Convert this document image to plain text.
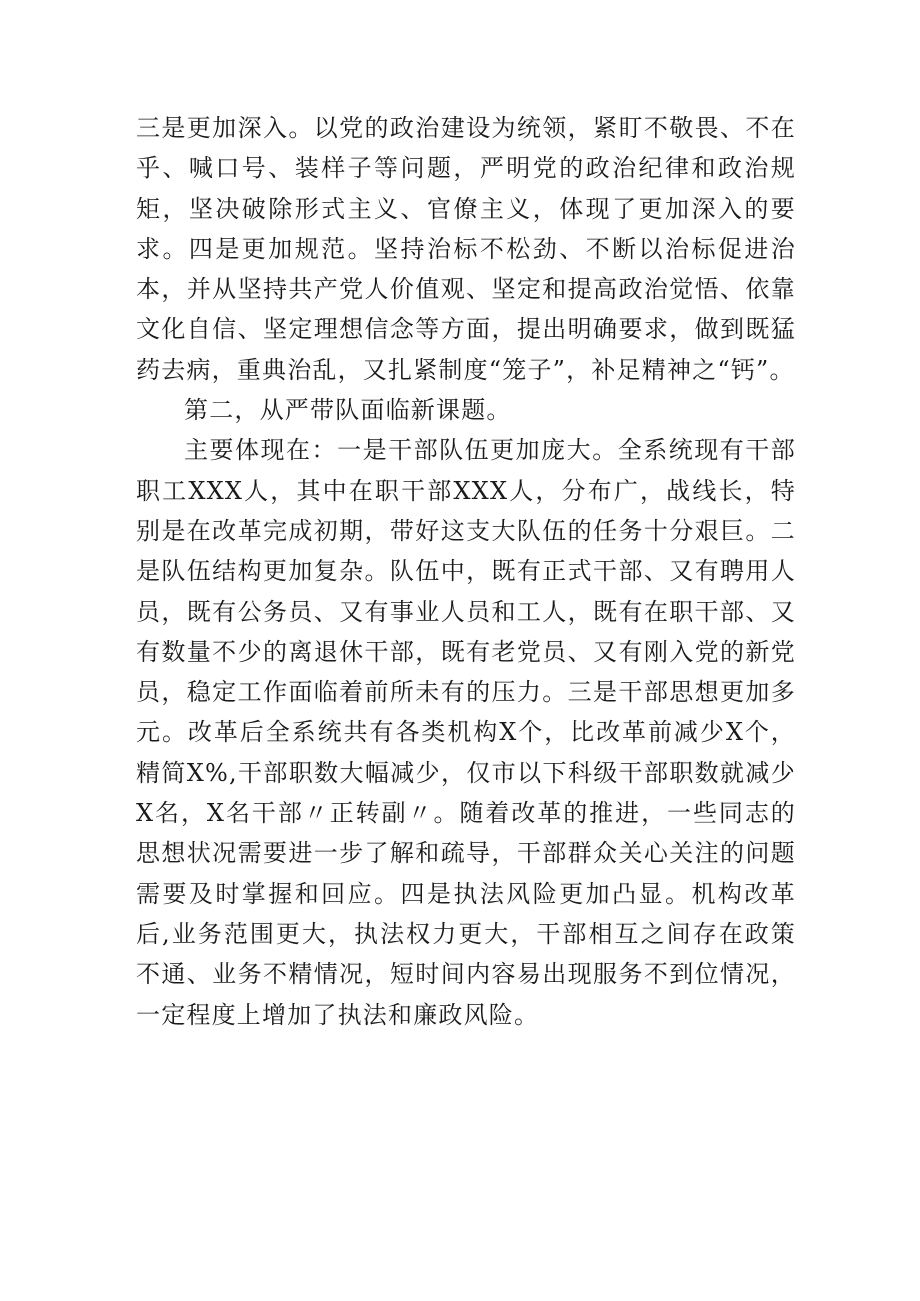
三是更加深入。以党的政治建设为统领，紧盯不敬畏、不在乎、喊口号、装样子等问题，严明党的政治纪律和政治规矩，坚决破除形式主义、官僚主义，体现了更加深入的要求。四是更加规范。坚持治标不松劲、不断以治标促进治本，并从坚持共产党人价值观、坚定和提高政治觉悟、依靠文化自信、坚定理想信念等方面，提出明确要求，做到既猛药去病，重典治乱，又扎紧制度“笼子”，补足精神之“钙”。

第二，从严带队面临新课题。

主要体现在：一是干部队伍更加庞大。全系统现有干部职工XXX人，其中在职干部XXX人，分布广，战线长，特别是在改革完成初期，带好这支大队伍的任务十分艰巨。二是队伍结构更加复杂。队伍中，既有正式干部、又有聘用人员，既有公务员、又有事业人员和工人，既有在职干部、又有数量不少的离退休干部，既有老党员、又有刚入党的新党员，稳定工作面临着前所未有的压力。三是干部思想更加多元。改革后全系统共有各类机构X个，比改革前减少X个，精简X%,干部职数大幅减少，仅市以下科级干部职数就减少X名，X名干部〃正转副〃。随着改革的推进，一些同志的思想状况需要进一步了解和疏导，干部群众关心关注的问题需要及时掌握和回应。四是执法风险更加凸显。机构改革后,业务范围更大，执法权力更大，干部相互之间存在政策不通、业务不精情况，短时间内容易出现服务不到位情况，一定程度上增加了执法和廉政风险。
